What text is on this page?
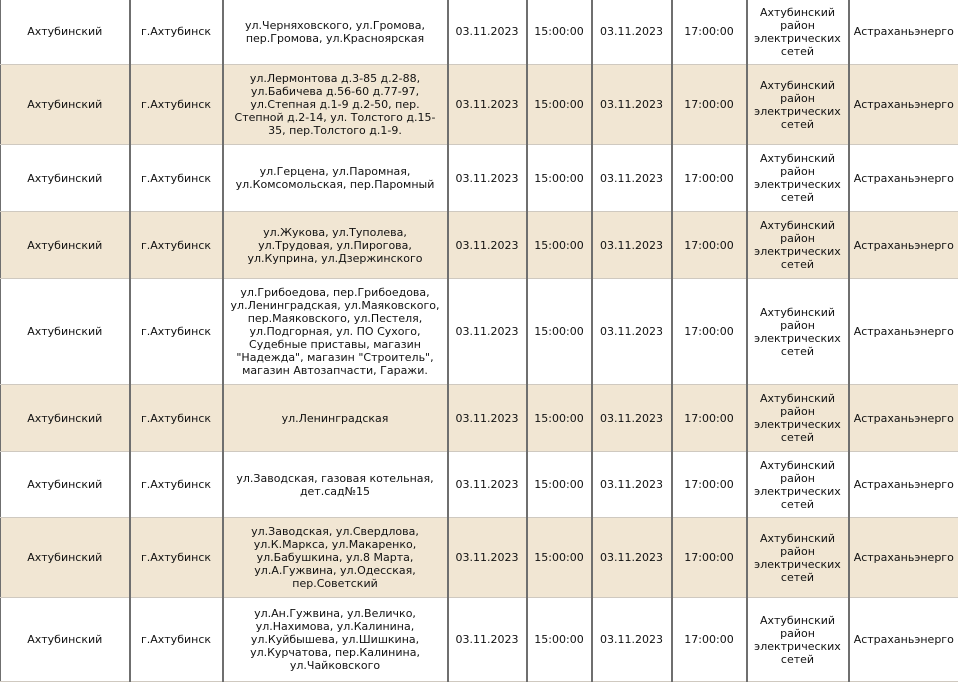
Ахтубинский	г.Ахтубинск	ул.Черняховского, ул.Громова, пер.Громова, ул.Красноярская	03.11.2023	15:00:00	03.11.2023	17:00:00	Ахтубинский район электрических сетей	Астраханьэнерго
Ахтубинский	г.Ахтубинск	ул.Лермонтова д.3-85 д.2-88, ул.Бабичева д.56-60 д.77-97, ул.Степная д.1-9 д.2-50, пер. Степной д.2-14, ул. Толстого д.15-35, пер.Толстого д.1-9.	03.11.2023	15:00:00	03.11.2023	17:00:00	Ахтубинский район электрических сетей	Астраханьэнерго
Ахтубинский	г.Ахтубинск	ул.Герцена, ул.Паромная, ул.Комсомольская, пер.Паромный	03.11.2023	15:00:00	03.11.2023	17:00:00	Ахтубинский район электрических сетей	Астраханьэнерго
Ахтубинский	г.Ахтубинск	ул.Жукова, ул.Туполева, ул.Трудовая, ул.Пирогова, ул.Куприна, ул.Дзержинского	03.11.2023	15:00:00	03.11.2023	17:00:00	Ахтубинский район электрических сетей	Астраханьэнерго
Ахтубинский	г.Ахтубинск	ул.Грибоедова, пер.Грибоедова, ул.Ленинградская, ул.Маяковского, пер.Маяковского, ул.Пестеля, ул.Подгорная, ул. ПО Сухого, Судебные приставы, магазин "Надежда", магазин "Строитель", магазин Автозапчасти, Гаражи.	03.11.2023	15:00:00	03.11.2023	17:00:00	Ахтубинский район электрических сетей	Астраханьэнерго
Ахтубинский	г.Ахтубинск	ул.Ленинградская	03.11.2023	15:00:00	03.11.2023	17:00:00	Ахтубинский район электрических сетей	Астраханьэнерго
Ахтубинский	г.Ахтубинск	ул.Заводская, газовая котельная, дет.сад№15	03.11.2023	15:00:00	03.11.2023	17:00:00	Ахтубинский район электрических сетей	Астраханьэнерго
Ахтубинский	г.Ахтубинск	ул.Заводская, ул.Свердлова, ул.К.Маркса, ул.Макаренко, ул.Бабушкина, ул.8 Марта, ул.А.Гужвина, ул.Одесская, пер.Советский	03.11.2023	15:00:00	03.11.2023	17:00:00	Ахтубинский район электрических сетей	Астраханьэнерго
Ахтубинский	г.Ахтубинск	ул.Ан.Гужвина, ул.Величко, ул.Нахимова, ул.Калинина, ул.Куйбышева, ул.Шишкина, ул.Курчатова, пер.Калинина, ул.Чайковского	03.11.2023	15:00:00	03.11.2023	17:00:00	Ахтубинский район электрических сетей	Астраханьэнерго
